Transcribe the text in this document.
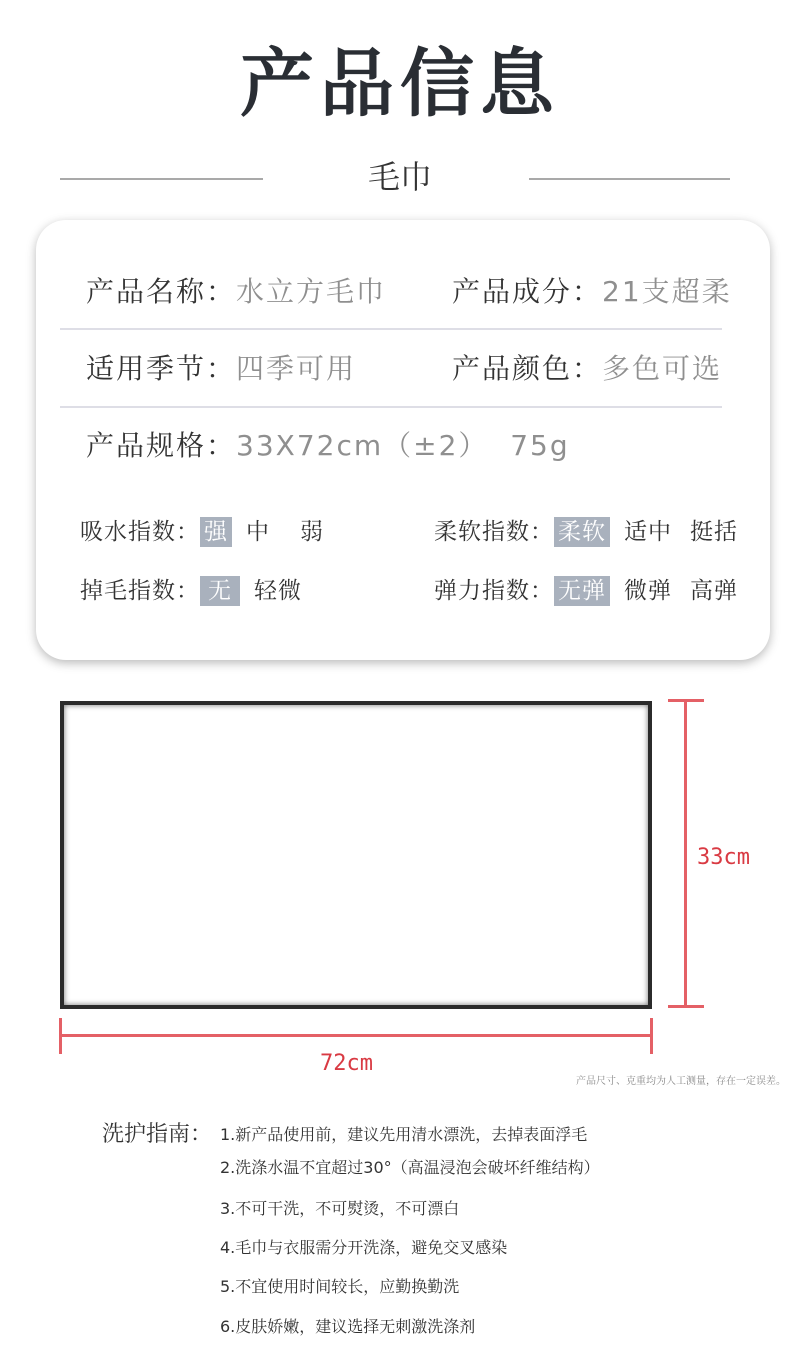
产品信息
毛巾
产品名称：水立方毛巾 产品成分：21支超柔
适用季节：四季可用	产品颜色：多色可选
产品规格：33X72cm（±2）  75g
吸水指数： 强 中 弱	柔软指数： 柔软 适中 挺括
掉毛指数： 无 轻微	弹力指数： 无弹 微弹 高弹
33cm
72cm
产品尺寸、克重均为人工测量，存在一定误差。
洗护指南： 1.新产品使用前，建议先用清水漂洗，去掉表面浮毛
2.洗涤水温不宜超过30°（高温浸泡会破坏纤维结构）
3.不可干洗，不可熨烫，不可漂白
4.毛巾与衣服需分开洗涤，避免交叉感染
5.不宜使用时间较长，应勤换勤洗
6.皮肤娇嫩，建议选择无刺激洗涤剂
